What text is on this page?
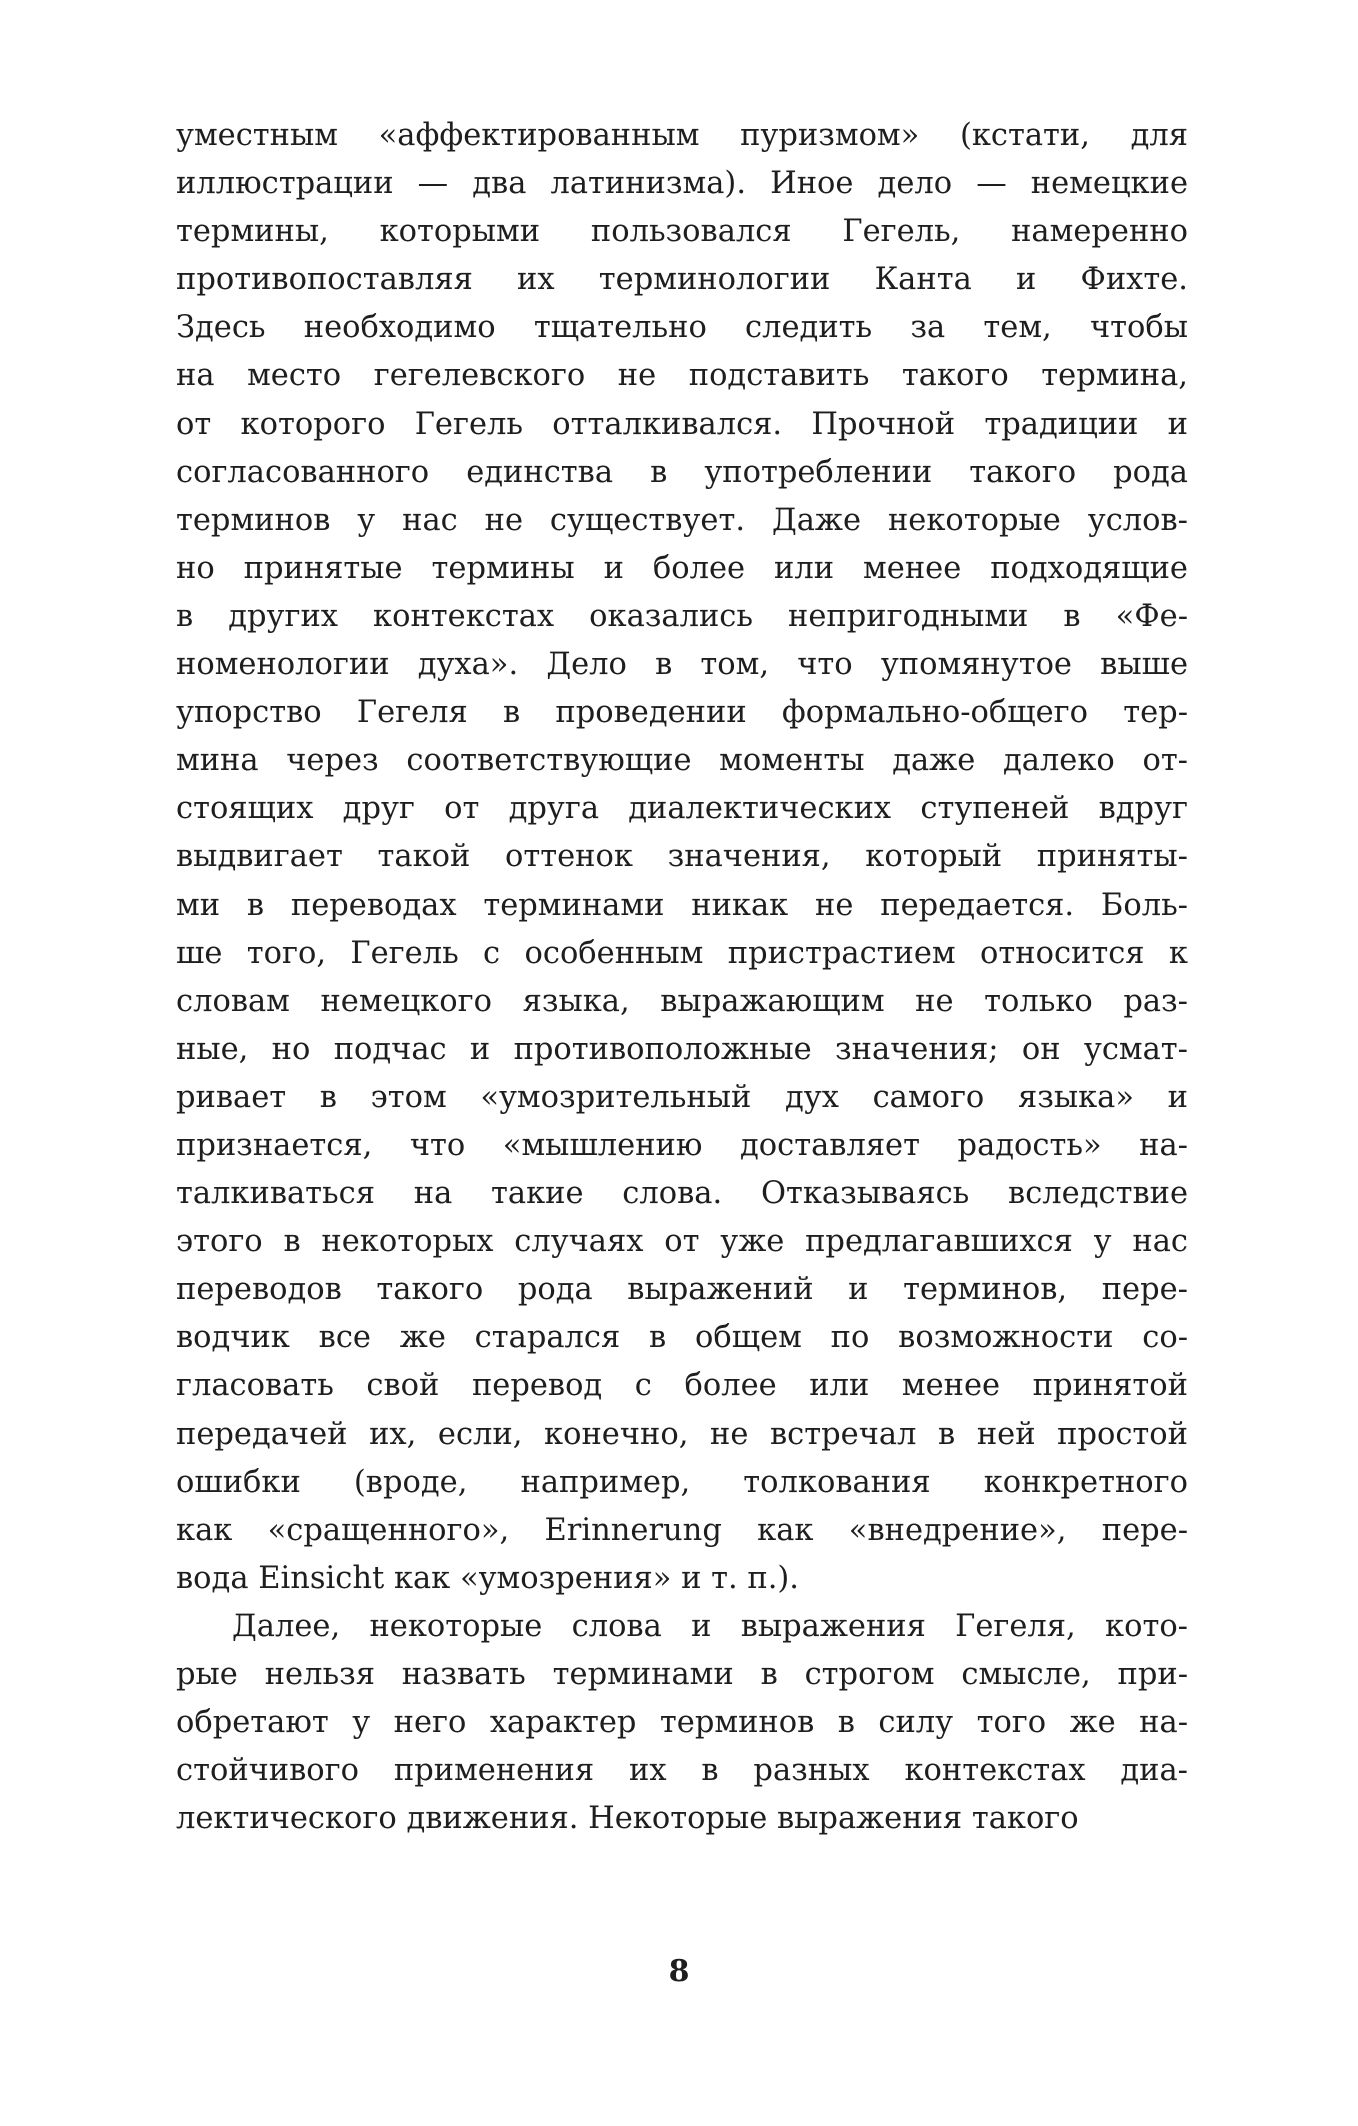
уместным «аффектированным пуризмом» (кстати, для
иллюстрации — два латинизма). Иное дело — немецкие
термины, которыми пользовался Гегель, намеренно
противопоставляя их терминологии Канта и Фихте.
Здесь необходимо тщательно следить за тем, чтобы
на место гегелевского не подставить такого термина,
от которого Гегель отталкивался. Прочной традиции и
согласованного единства в употреблении такого рода
терминов у нас не существует. Даже некоторые услов-
но принятые термины и более или менее подходящие
в других контекстах оказались непригодными в «Фе-
номенологии духа». Дело в том, что упомянутое выше
упорство Гегеля в проведении формально-общего тер-
мина через соответствующие моменты даже далеко от-
стоящих друг от друга диалектических ступеней вдруг
выдвигает такой оттенок значения, который приняты-
ми в переводах терминами никак не передается. Боль-
ше того, Гегель с особенным пристрастием относится к
словам немецкого языка, выражающим не только раз-
ные, но подчас и противоположные значения; он усмат-
ривает в этом «умозрительный дух самого языка» и
признается, что «мышлению доставляет радость» на-
талкиваться на такие слова. Отказываясь вследствие
этого в некоторых случаях от уже предлагавшихся у нас
переводов такого рода выражений и терминов, пере-
водчик все же старался в общем по возможности со-
гласовать свой перевод с более или менее принятой
передачей их, если, конечно, не встречал в ней простой
ошибки (вроде, например, толкования конкретного
как «сращенного», Erinnerung как «внедрение», пере-
вода Einsicht как «умозрения» и т. п.).
Далее, некоторые слова и выражения Гегеля, кото-
рые нельзя назвать терминами в строгом смысле, при-
обретают у него характер терминов в силу того же на-
стойчивого применения их в разных контекстах диа-
лектического движения. Некоторые выражения такого
8
